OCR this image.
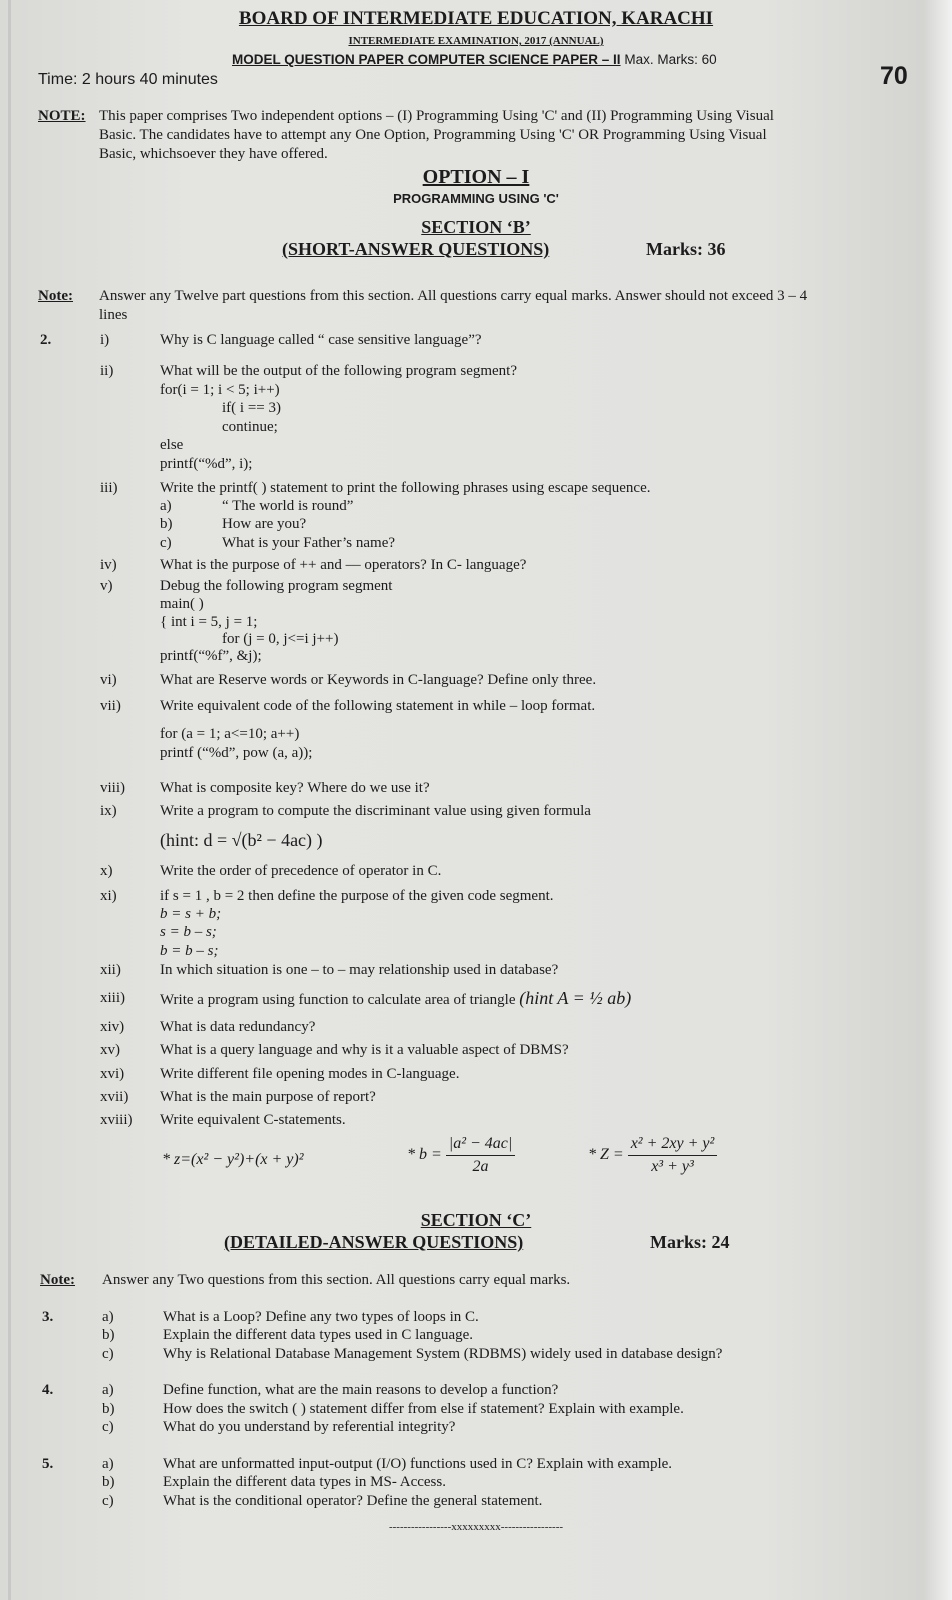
BOARD OF INTERMEDIATE EDUCATION, KARACHI
INTERMEDIATE EXAMINATION, 2017 (ANNUAL)
MODEL QUESTION PAPER COMPUTER SCIENCE PAPER – II Max. Marks: 60
Time: 2 hours 40 minutes	70
NOTE: This paper comprises Two independent options – (I) Programming Using 'C' and (II) Programming Using Visual
Basic. The candidates have to attempt any One Option, Programming Using 'C' OR Programming Using Visual
Basic, whichsoever they have offered.
OPTION – I
PROGRAMMING USING 'C'
SECTION ‘B’
(SHORT-ANSWER QUESTIONS)	Marks: 36
Note: Answer any Twelve part questions from this section. All questions carry equal marks. Answer should not exceed 3 – 4
lines
2.	i)	Why is C language called “ case sensitive language”?
ii)	What will be the output of the following program segment?
for(i = 1; i < 5; i++)
if( i == 3)
continue;
else
printf(“%d”, i);
iii)	Write the printf( ) statement to print the following phrases using escape sequence.
a)	“ The world is round”
b)	How are you?
c)	What is your Father’s name?
iv)	What is the purpose of ++ and –– operators? In C- language?
v)	Debug the following program segment
main( )
{ int i = 5, j = 1;
for (j = 0, j<=i j++)
printf(“%f”, &j);
vi)	What are Reserve words or Keywords in C-language? Define only three.
vii)	Write equivalent code of the following statement in while – loop format.
for (a = 1; a<=10; a++)
printf (“%d”, pow (a, a));
viii) What is composite key? Where do we use it?
ix)	Write a program to compute the discriminant value using given formula
(hint: d = √(b² − 4ac) )
x)	Write the order of precedence of operator in C.
xi)	if s = 1 , b = 2 then define the purpose of the given code segment.
b = s + b;
s = b – s;
b = b – s;
xii)	In which situation is one – to – may relationship used in database?
xiii) Write a program using function to calculate area of triangle (hint A = ½ ab)
xiv) What is data redundancy?
xv)	What is a query language and why is it a valuable aspect of DBMS?
xvi) Write different file opening modes in C-language.
xvii) What is the main purpose of report?
xviii) Write equivalent C-statements.
* z=(x² − y²)+(x + y)²	* $b = \frac{\text{|a² − 4ac|}}{2a}$	* $Z = \frac{\text{x² + 2xy + y²}}{\text{x³ + y³}}$
SECTION ‘C’
(DETAILED-ANSWER QUESTIONS)	Marks: 24
Note: Answer any Two questions from this section. All questions carry equal marks.
3.	a)	What is a Loop? Define any two types of loops in C.
b)	Explain the different data types used in C language.
c)	Why is Relational Database Management System (RDBMS) widely used in database design?
4.	a)	Define function, what are the main reasons to develop a function?
b)	How does the switch ( ) statement differ from else if statement? Explain with example.
c)	What do you understand by referential integrity?
5.	a)	What are unformatted input-output (I/O) functions used in C? Explain with example.
b)	Explain the different data types in MS- Access.
c)	What is the conditional operator? Define the general statement.
-----------------xxxxxxxxx-----------------
